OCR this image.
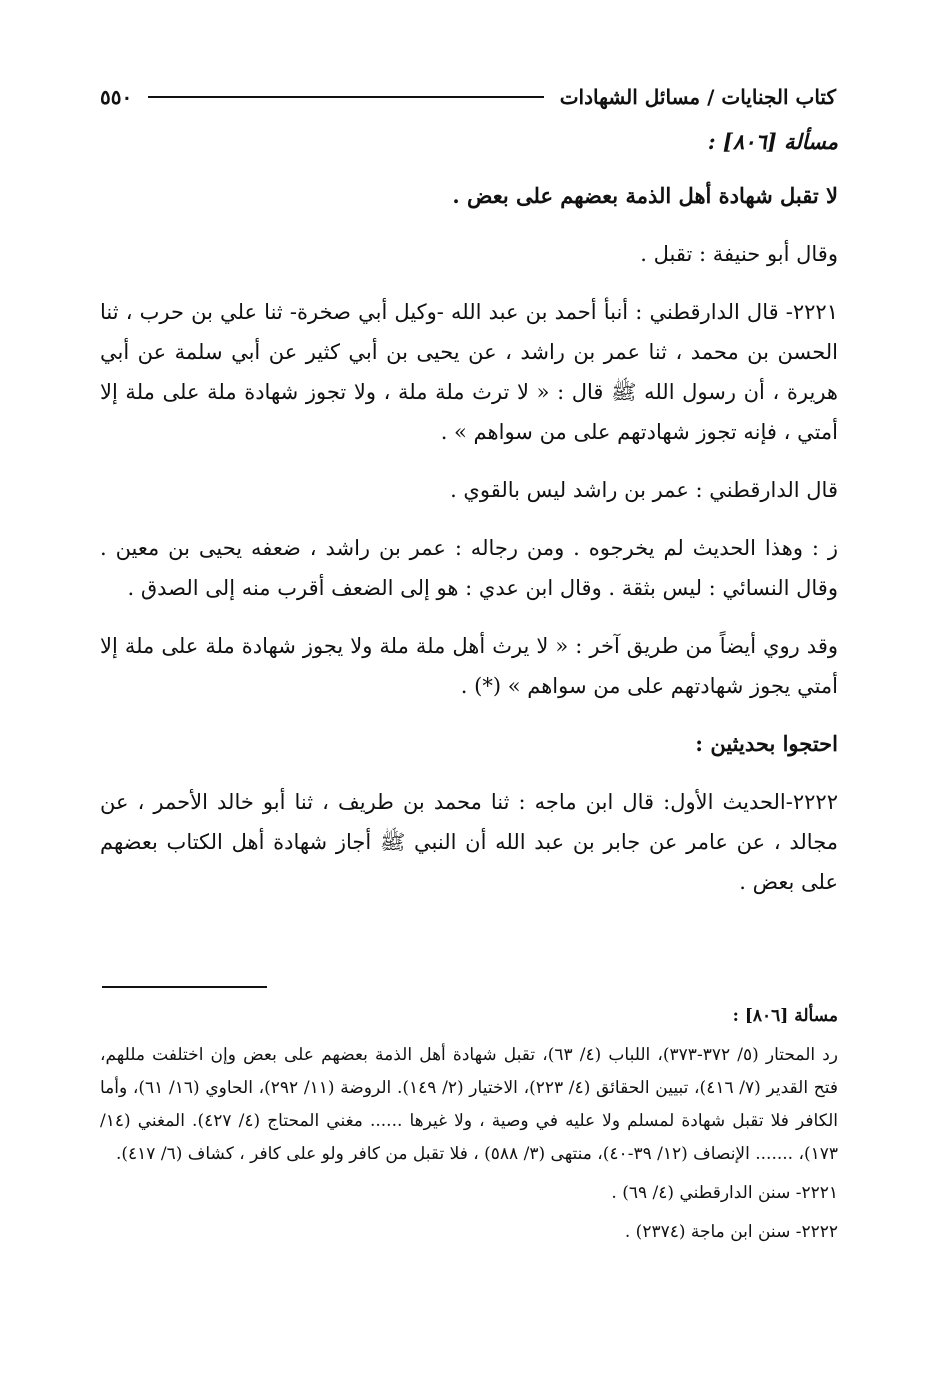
كتاب الجنايات / مسائل الشهادات
٥٥٠

مسألة [٨٠٦] :

لا تقبل شهادة أهل الذمة بعضهم على بعض .

وقال أبو حنيفة : تقبل .

٢٢٢١- قال الدارقطني : أنبأ أحمد بن عبد الله -وكيل أبي صخرة- ثنا علي بن حرب ، ثنا الحسن بن محمد ، ثنا عمر بن راشد ، عن يحيى بن أبي كثير عن أبي سلمة عن أبي هريرة ، أن رسول الله ﷺ قال : « لا ترث ملة ملة ، ولا تجوز شهادة ملة على ملة إلا أمتي ، فإنه تجوز شهادتهم على من سواهم » .

قال الدارقطني : عمر بن راشد ليس بالقوي .

ز : وهذا الحديث لم يخرجوه . ومن رجاله : عمر بن راشد ، ضعفه يحيى بن معين . وقال النسائي : ليس بثقة . وقال ابن عدي : هو إلى الضعف أقرب منه إلى الصدق .

وقد روي أيضاً من طريق آخر : « لا يرث أهل ملة ملة ولا يجوز شهادة ملة على ملة إلا أمتي يجوز شهادتهم على من سواهم » (*) .

احتجوا بحديثين :

٢٢٢٢-الحديث الأول: قال ابن ماجه : ثنا محمد بن طريف ، ثنا أبو خالد الأحمر ، عن مجالد ، عن عامر عن جابر بن عبد الله أن النبي ﷺ أجاز شهادة أهل الكتاب بعضهم على بعض .

مسألة [٨٠٦] :

رد المحتار (٥/ ٣٧٢-٣٧٣)، اللباب (٤/ ٦٣)، تقبل شهادة أهل الذمة بعضهم على بعض وإن اختلفت مللهم، فتح القدير (٧/ ٤١٦)، تبيين الحقائق (٤/ ٢٢٣)، الاختيار (٢/ ١٤٩). الروضة (١١/ ٢٩٢)، الحاوي (١٦/ ٦١)، وأما الكافر فلا تقبل شهادة لمسلم ولا عليه في وصية ، ولا غيرها ...... مغني المحتاج (٤/ ٤٢٧). المغني (١٤/ ١٧٣)، ....... الإنصاف (١٢/ ٣٩-٤٠)، منتهى (٣/ ٥٨٨) ، فلا تقبل من كافر ولو على كافر ، كشاف (٦/ ٤١٧).

٢٢٢١- سنن الدارقطني (٤/ ٦٩) .

٢٢٢٢- سنن ابن ماجة (٢٣٧٤) .
